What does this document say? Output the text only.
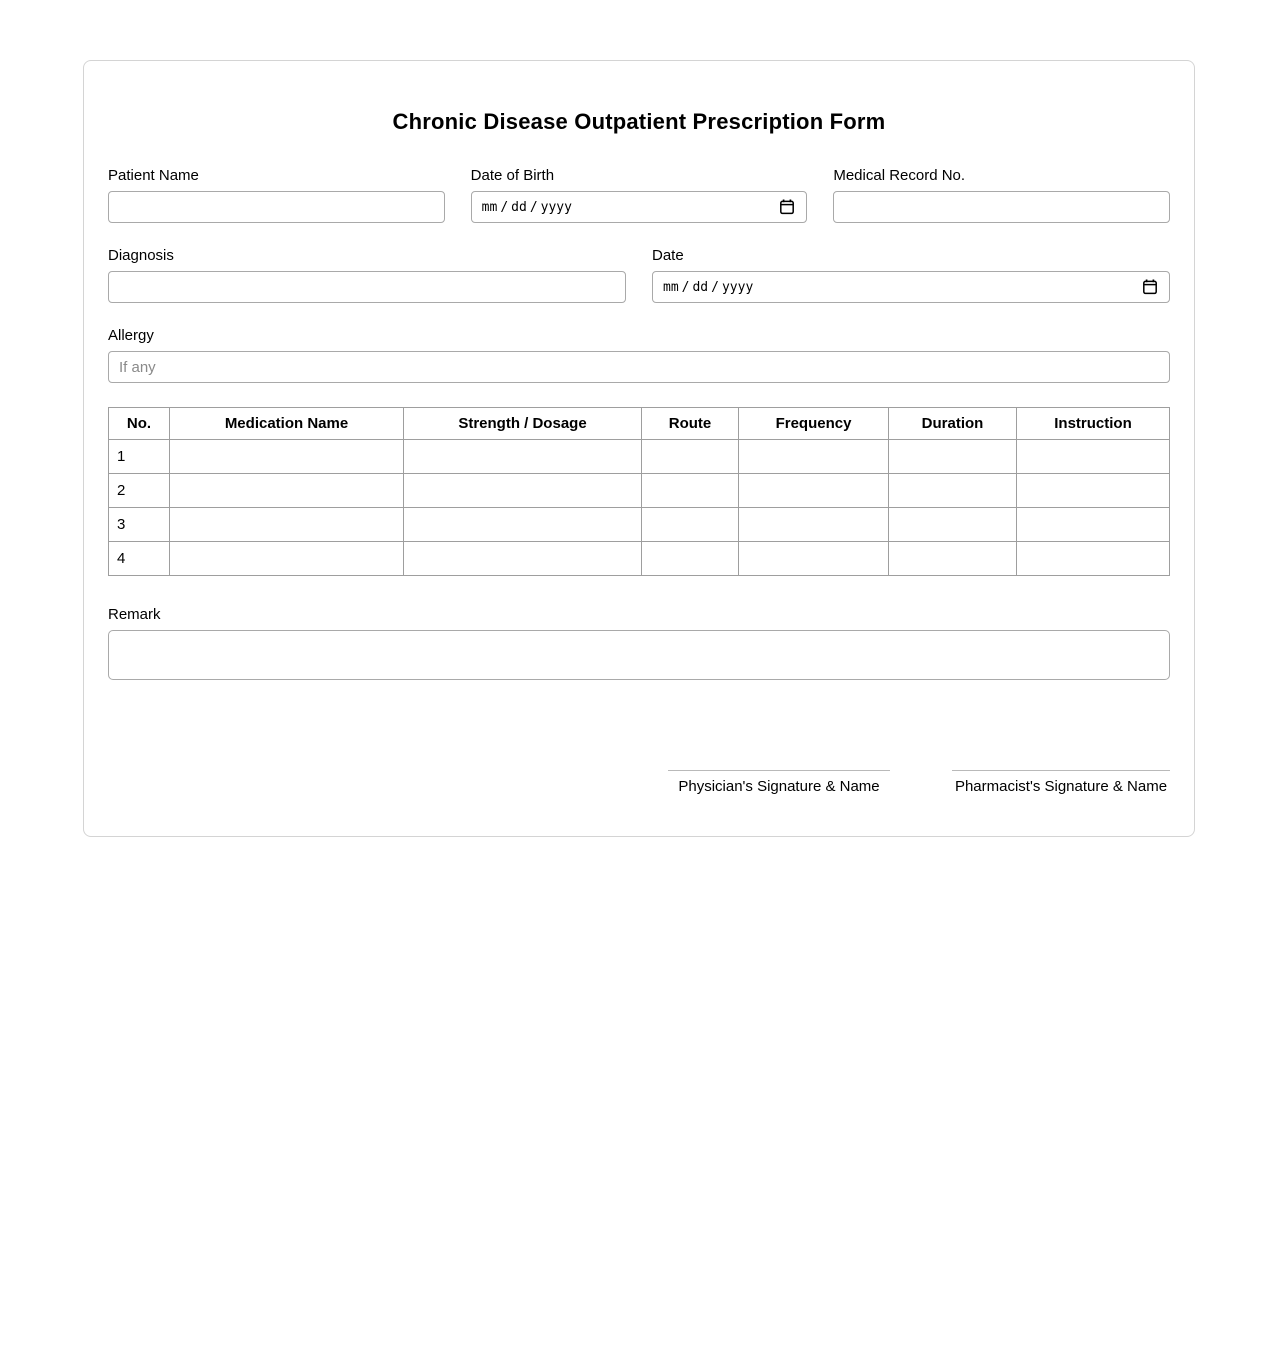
Chronic Disease Outpatient Prescription Form
Patient Name	Date of Birth
mm / dd / yyyy
Medical Record No.
Diagnosis	Date
mm / dd / yyyy
Allergy
If any
No.	Medication Name	Strength / Dosage	Route	Frequency	Duration	Instruction
1						
2						
3						
4						
Remark
Physician's Signature & Name	Pharmacist's Signature & Name
